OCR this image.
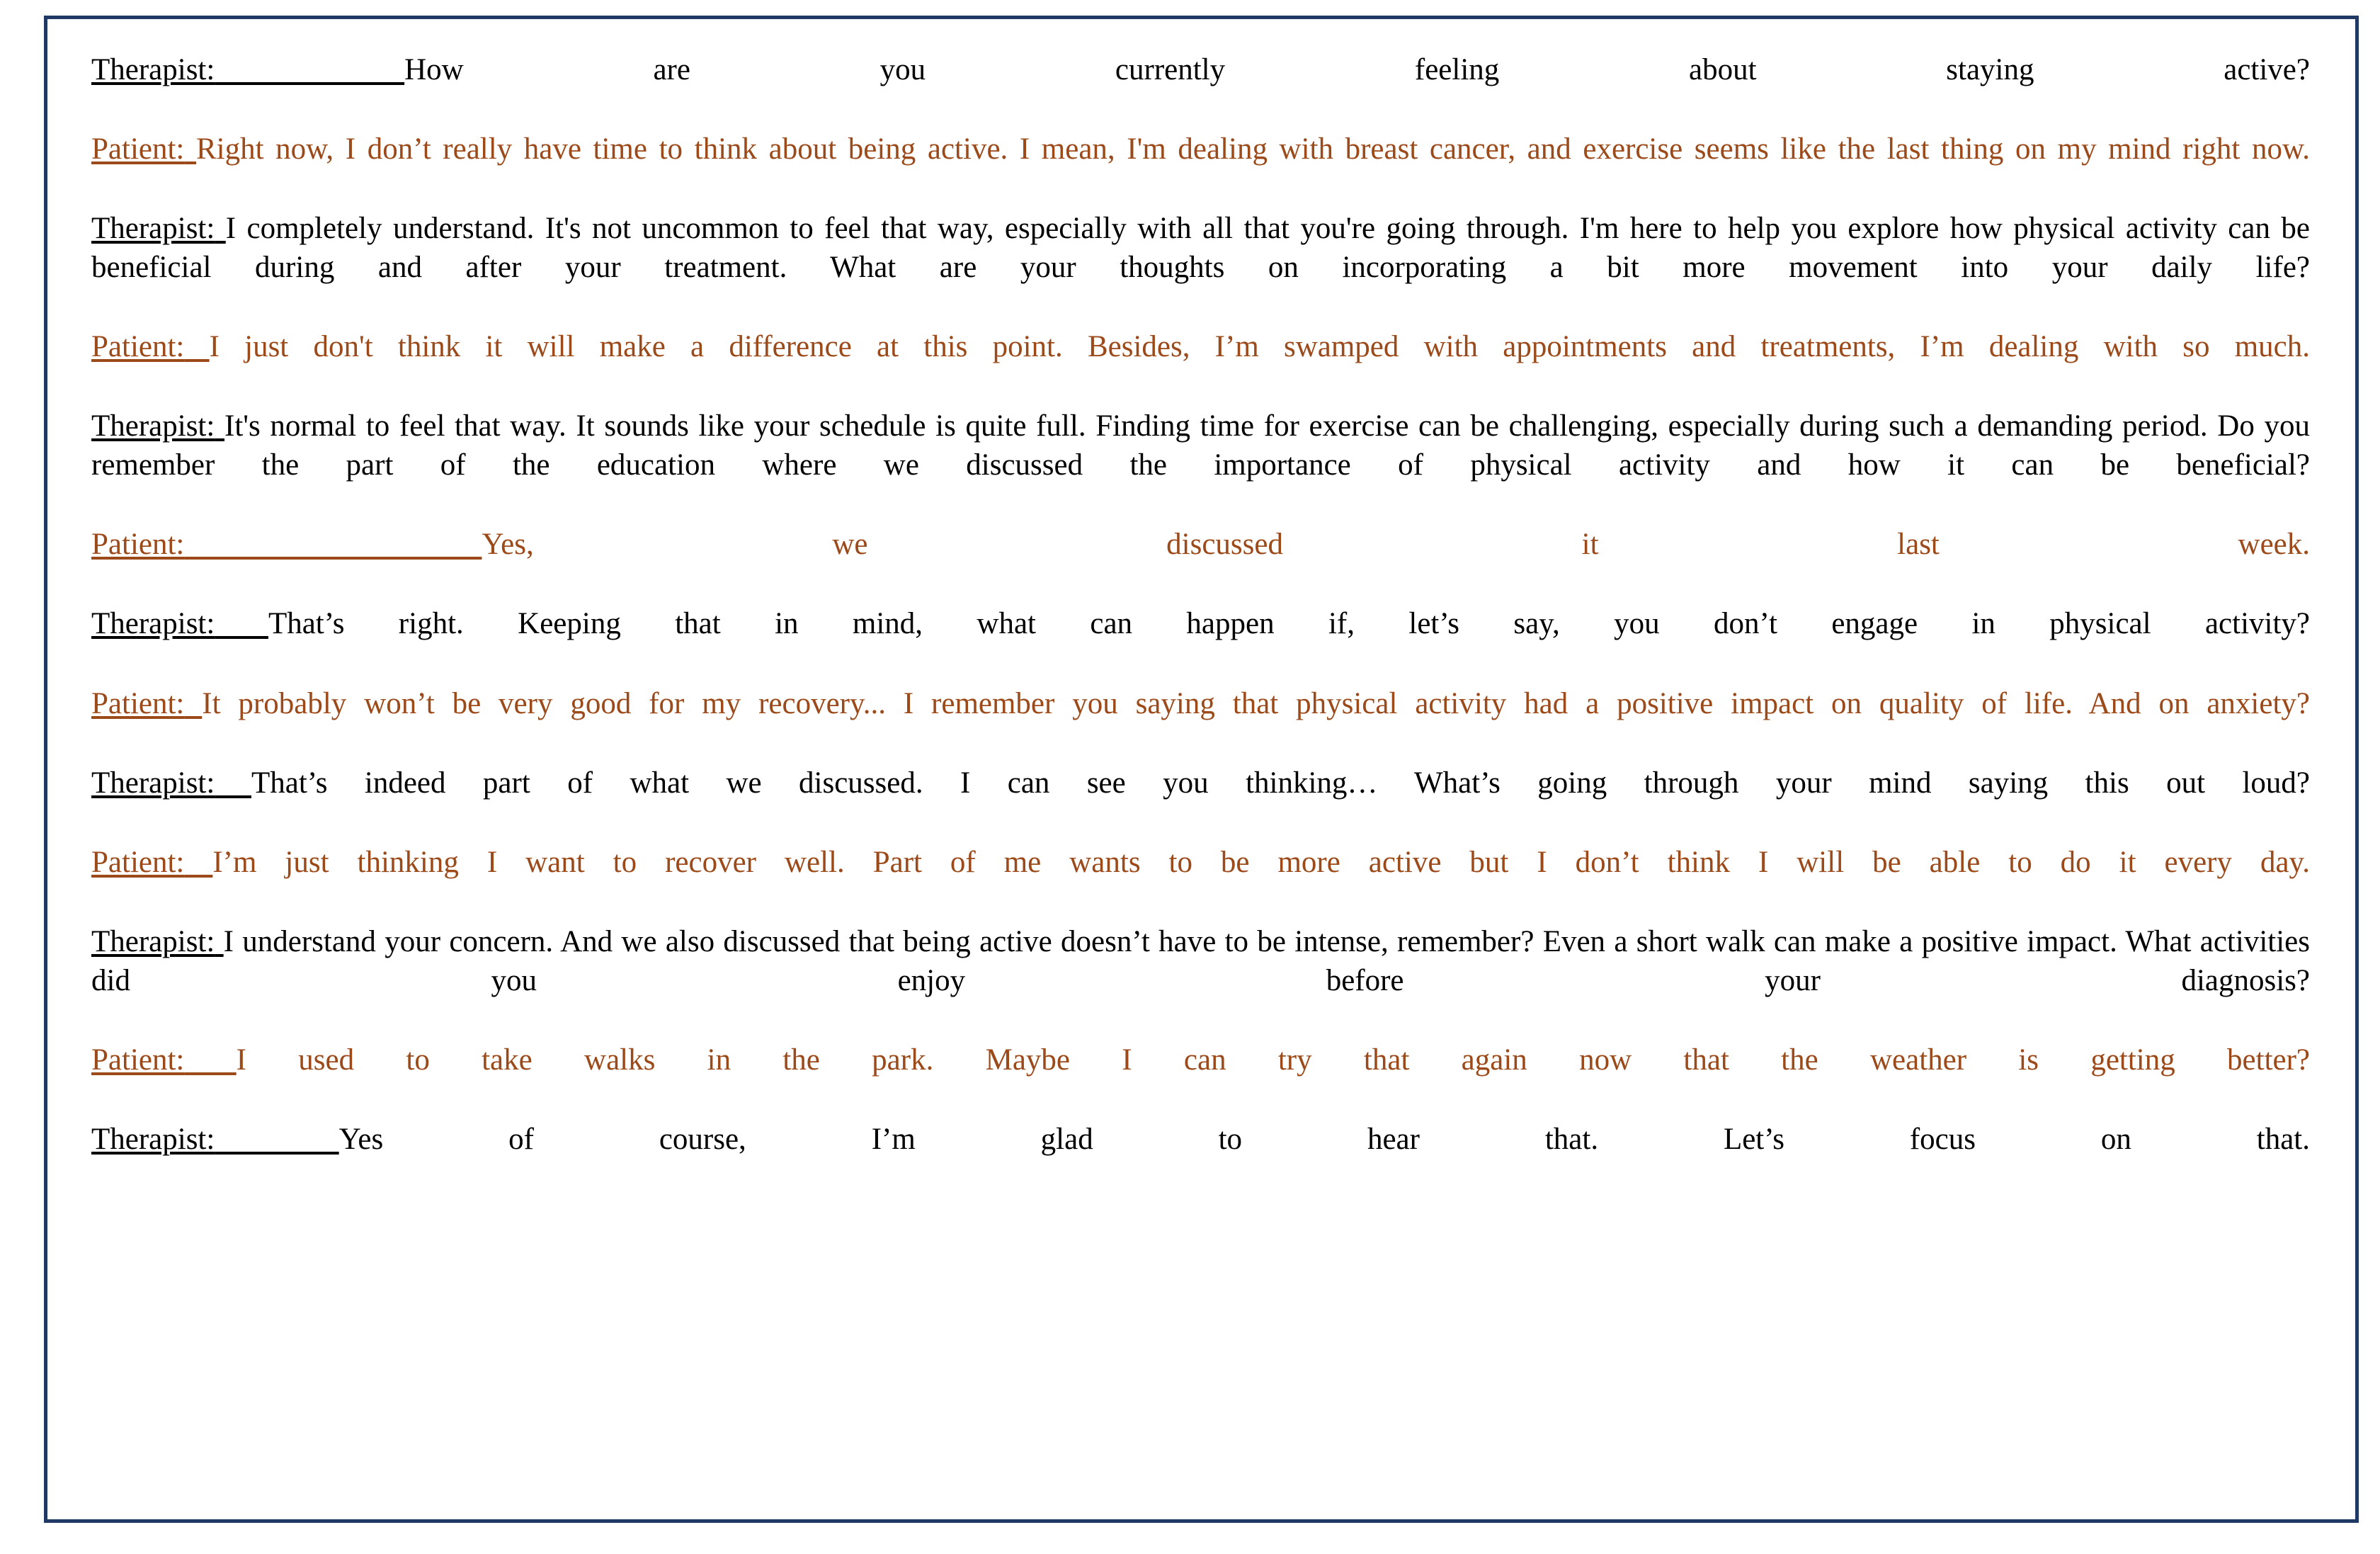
Therapist:	How are you currently feeling about staying active?

Patient: Right now, I don’t really have time to think about being active. I mean, I'm dealing with breast cancer, and exercise seems like the last thing on my mind right now.

Therapist: I completely understand. It's not uncommon to feel that way, especially with all that you're going through. I'm here to help you explore how physical activity can be beneficial during and after your treatment. What are your thoughts on incorporating a bit more movement into your daily life?

Patient: I just don't think it will make a difference at this point. Besides, I’m swamped with appointments and treatments, I’m dealing with so much.

Therapist: It's normal to feel that way. It sounds like your schedule is quite full. Finding time for exercise can be challenging, especially during such a demanding period. Do you remember the part of the education where we discussed the importance of physical activity and how it can be beneficial?

Patient:	Yes, we discussed it last week.

Therapist: That’s right. Keeping that in mind, what can happen if, let’s say, you don’t engage in physical activity?

Patient: It probably won’t be very good for my recovery... I remember you saying that physical activity had a positive impact on quality of life. And on anxiety?

Therapist: That’s indeed part of what we discussed. I can see you thinking… What’s going through your mind saying this out loud?

Patient: I’m just thinking I want to recover well. Part of me wants to be more active but I don’t think I will be able to do it every day.

Therapist: I understand your concern. And we also discussed that being active doesn’t have to be intense, remember? Even a short walk can make a positive impact. What activities did you enjoy before your diagnosis?

Patient: I used to take walks in the park. Maybe I can try that again now that the weather is getting better?

Therapist:	Yes of course, I’m glad to hear that. Let’s focus on that.
